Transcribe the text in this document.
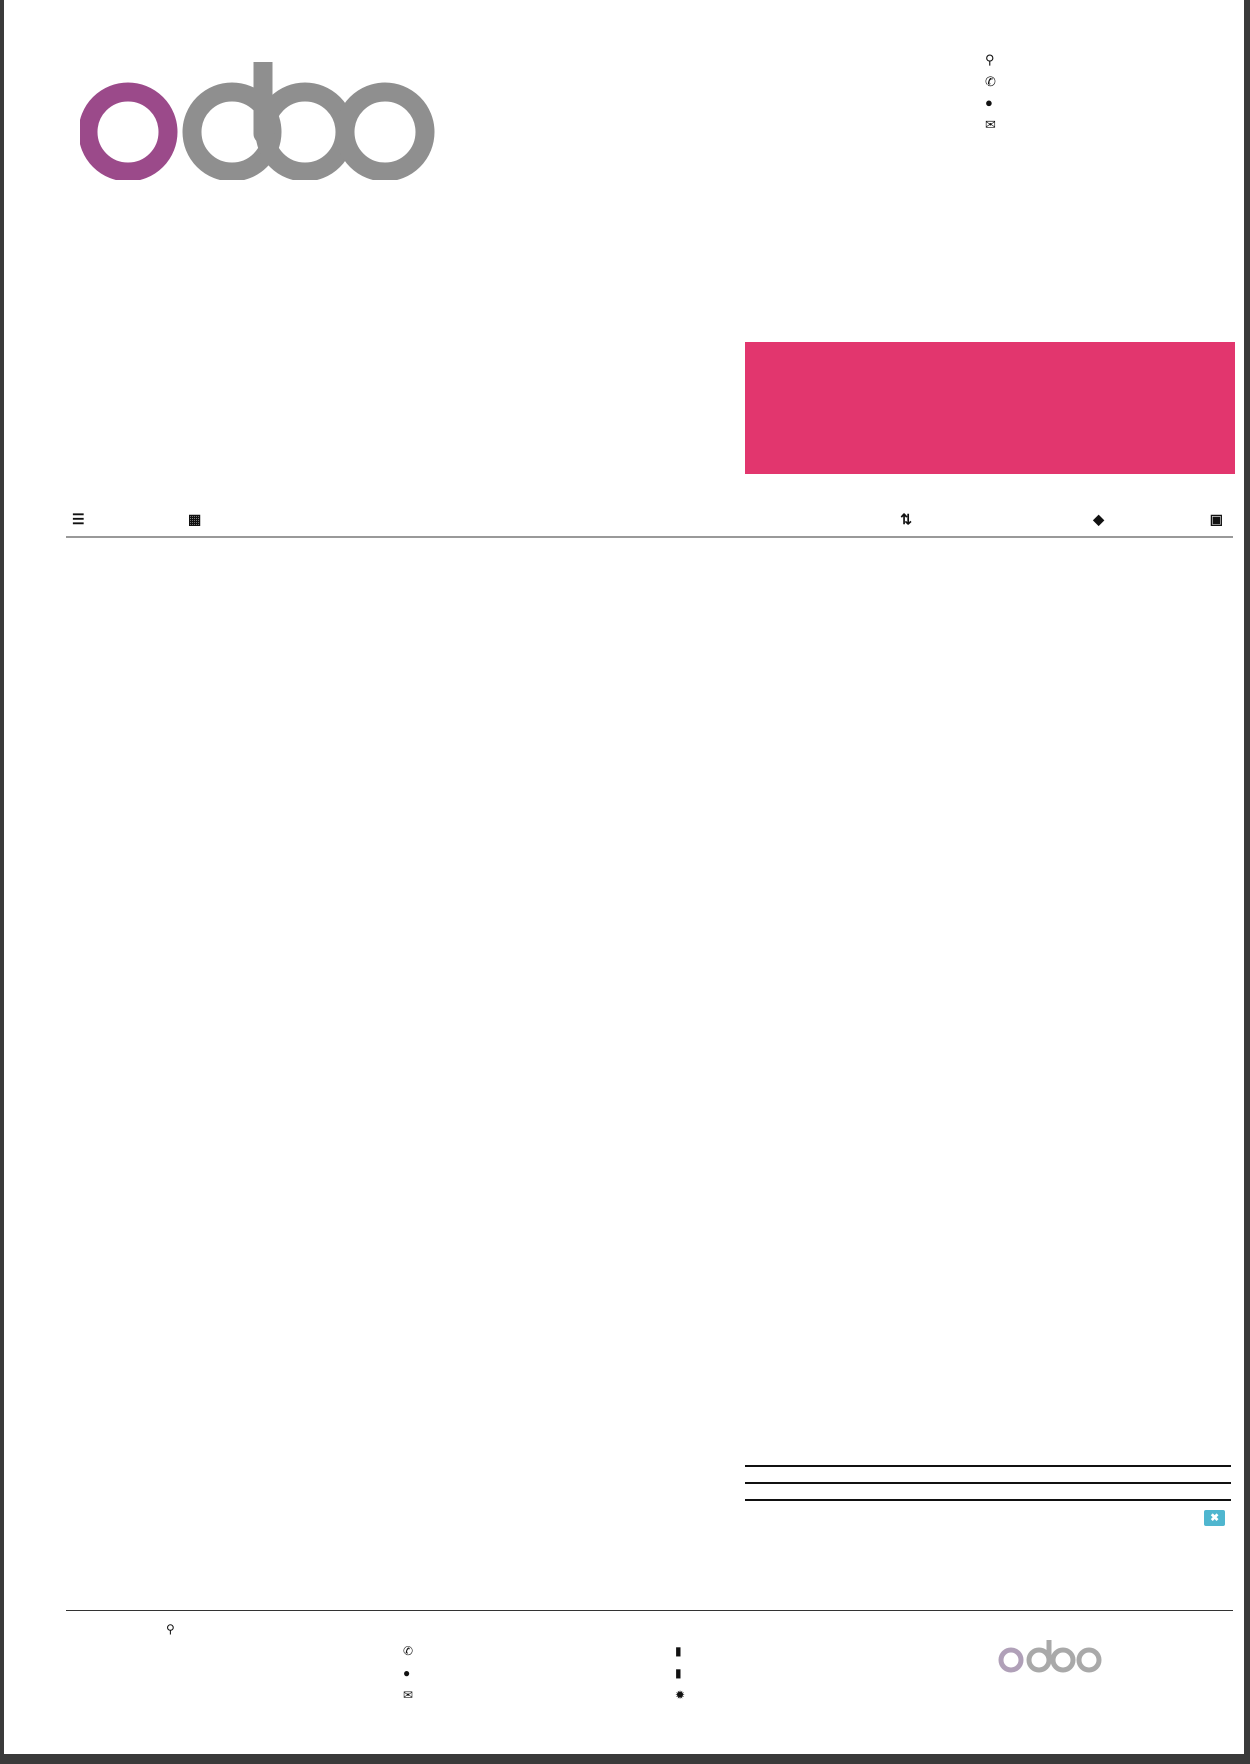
⚲
✆
●
✉
☰	▦	⇅	◆	▣

	✖
⚲
✆
●
✉
▮
▮
✹
